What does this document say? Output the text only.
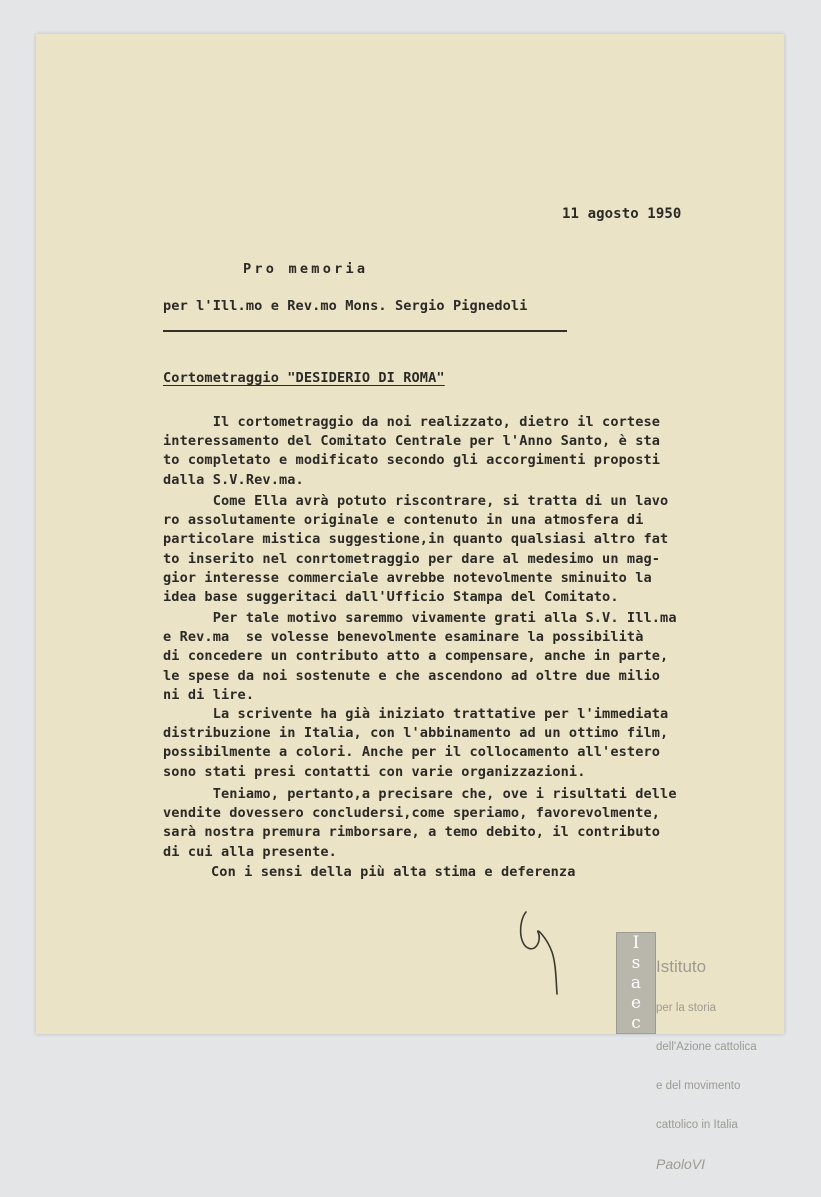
11 agosto 1950
Pro memoria
per l'Ill.mo e Rev.mo Mons. Sergio Pignedoli
Cortometraggio "DESIDERIO DI ROMA"
Il cortometraggio da noi realizzato, dietro il cortese
interessamento del Comitato Centrale per l'Anno Santo, è sta
to completato e modificato secondo gli accorgimenti proposti
dalla S.V.Rev.ma.
Come Ella avrà potuto riscontrare, si tratta di un lavo
ro assolutamente originale e contenuto in una atmosfera di
particolare mistica suggestione,in quanto qualsiasi altro fat
to inserito nel conrtometraggio per dare al medesimo un mag-
gior interesse commerciale avrebbe notevolmente sminuito la
idea base suggeritaci dall'Ufficio Stampa del Comitato.
Per tale motivo saremmo vivamente grati alla S.V. Ill.ma
e Rev.ma  se volesse benevolmente esaminare la possibilità
di concedere un contributo atto a compensare, anche in parte,
le spese da noi sostenute e che ascendono ad oltre due milio
ni di lire.
La scrivente ha già iniziato trattative per l'immediata
distribuzione in Italia, con l'abbinamento ad un ottimo film,
possibilmente a colori. Anche per il collocamento all'estero
sono stati presi contatti con varie organizzazioni.
Teniamo, pertanto,a precisare che, ove i risultati delle
vendite dovessero concludersi,come speriamo, favorevolmente,
sarà nostra premura rimborsare, a temo debito, il contributo
di cui alla presente.
Con i sensi della più alta stima e deferenza
I
s
a
e
c

Istituto

per la storia

dell'Azione cattolica

e del movimento

cattolico in Italia

PaoloVI
